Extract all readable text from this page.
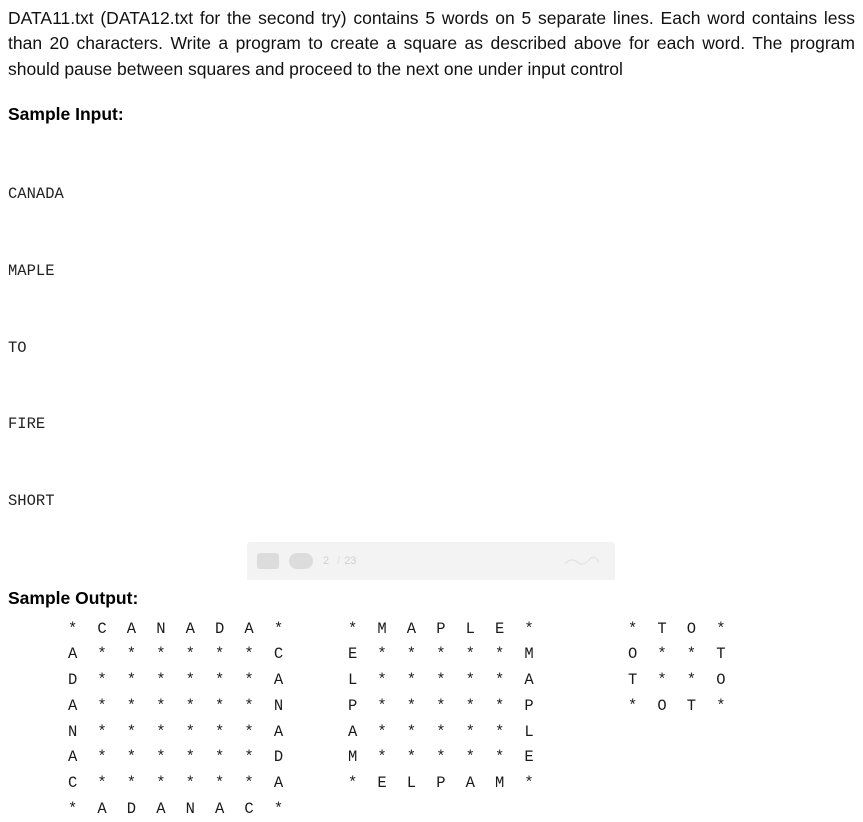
DATA11.txt (DATA12.txt for the second try) contains 5 words on 5 separate lines. Each word contains less than 20 characters. Write a program to create a square as described above for each word. The program should pause between squares and proceed to the next one under input control

Sample Input:

CANADA

MAPLE

TO

FIRE

SHORT

Sample Output:
*  C  A  N  A  D  A  *
A  *  *  *  *  *  *  C
D  *  *  *  *  *  *  A
A  *  *  *  *  *  *  N
N  *  *  *  *  *  *  A
A  *  *  *  *  *  *  D
C  *  *  *  *  *  *  A
*  A  D  A  N  A  C  *
*  M  A  P  L  E  *
E  *  *  *  *  *  M
L  *  *  *  *  *  A
P  *  *  *  *  *  P
A  *  *  *  *  *  L
M  *  *  *  *  *  E
*  E  L  P  A  M  *
*  T  O  *
O  *  *  T
T  *  *  O
*  O  T  *
2 / 23
